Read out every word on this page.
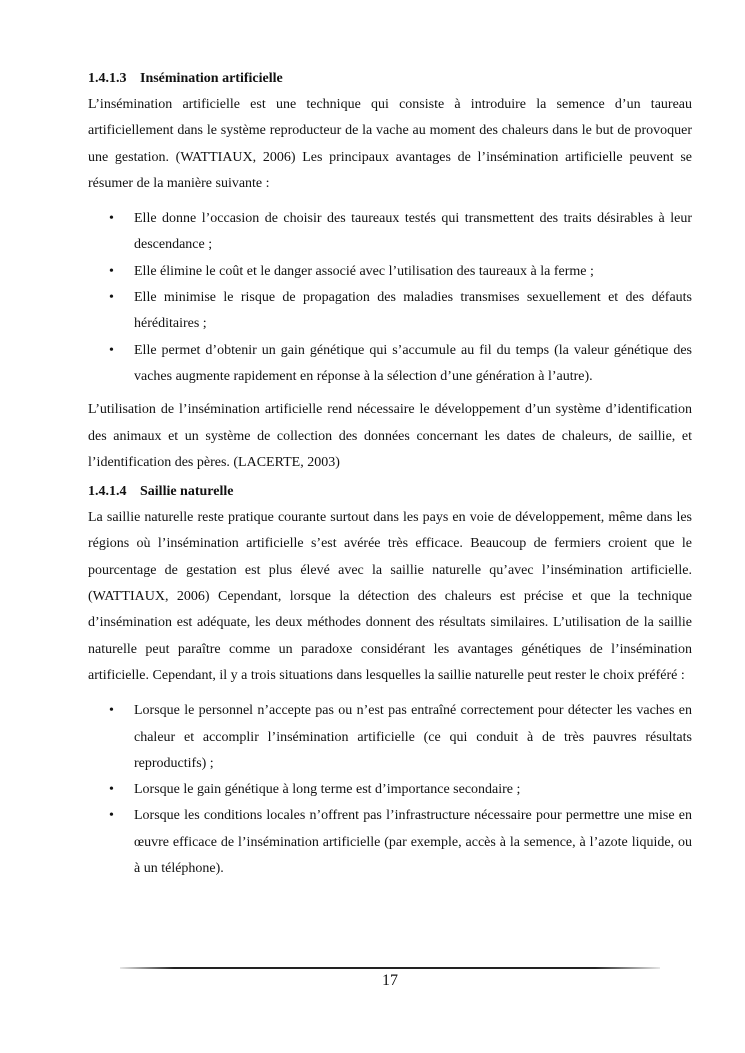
1.4.1.3 Insémination artificielle

L’insémination artificielle est une technique qui consiste à introduire la semence d’un taureau artificiellement dans le système reproducteur de la vache au moment des chaleurs dans le but de provoquer une gestation. (WATTIAUX, 2006) Les principaux avantages de l’insémination artificielle peuvent se résumer de la manière suivante :

• Elle donne l’occasion de choisir des taureaux testés qui transmettent des traits désirables à leur descendance ;
• Elle élimine le coût et le danger associé avec l’utilisation des taureaux à la ferme ;
• Elle minimise le risque de propagation des maladies transmises sexuellement et des défauts héréditaires ;
• Elle permet d’obtenir un gain génétique qui s’accumule au fil du temps (la valeur génétique des vaches augmente rapidement en réponse à la sélection d’une génération à l’autre).

L’utilisation de l’insémination artificielle rend nécessaire le développement d’un système d’identification des animaux et un système de collection des données concernant les dates de chaleurs, de saillie, et l’identification des pères. (LACERTE, 2003)

1.4.1.4 Saillie naturelle

La saillie naturelle reste pratique courante surtout dans les pays en voie de développement, même dans les régions où l’insémination artificielle s’est avérée très efficace. Beaucoup de fermiers croient que le pourcentage de gestation est plus élevé avec la saillie naturelle qu’avec l’insémination artificielle. (WATTIAUX, 2006) Cependant, lorsque la détection des chaleurs est précise et que la technique d’insémination est adéquate, les deux méthodes donnent des résultats similaires. L’utilisation de la saillie naturelle peut paraître comme un paradoxe considérant les avantages génétiques de l’insémination artificielle. Cependant, il y a trois situations dans lesquelles la saillie naturelle peut rester le choix préféré :

• Lorsque le personnel n’accepte pas ou n’est pas entraîné correctement pour détecter les vaches en chaleur et accomplir l’insémination artificielle (ce qui conduit à de très pauvres résultats reproductifs) ;
• Lorsque le gain génétique à long terme est d’importance secondaire ;
• Lorsque les conditions locales n’offrent pas l’infrastructure nécessaire pour permettre une mise en œuvre efficace de l’insémination artificielle (par exemple, accès à la semence, à l’azote liquide, ou à un téléphone).
17
